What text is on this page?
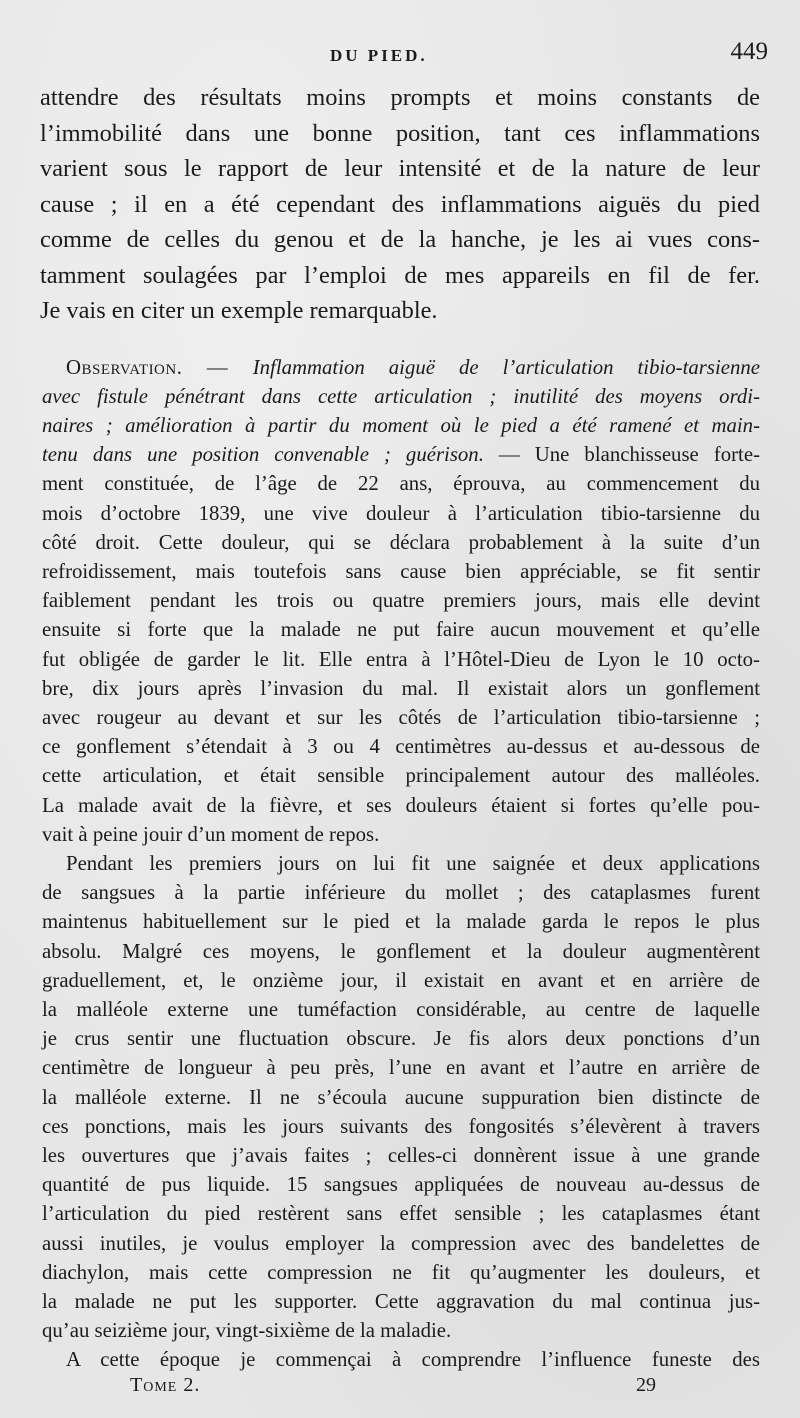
DU PIED.	449

attendre des résultats moins prompts et moins constants de
l’immobilité dans une bonne position, tant ces inflammations
varient sous le rapport de leur intensité et de la nature de leur
cause ; il en a été cependant des inflammations aiguës du pied
comme de celles du genou et de la hanche, je les ai vues cons-
tamment soulagées par l’emploi de mes appareils en fil de fer.
Je vais en citer un exemple remarquable.

Observation. — Inflammation aiguë de l’articulation tibio-tarsienne
avec fistule pénétrant dans cette articulation ; inutilité des moyens ordi-
naires ; amélioration à partir du moment où le pied a été ramené et main-
tenu dans une position convenable ; guérison. — Une blanchisseuse forte-
ment constituée, de l’âge de 22 ans, éprouva, au commencement du
mois d’octobre 1839, une vive douleur à l’articulation tibio-tarsienne du
côté droit. Cette douleur, qui se déclara probablement à la suite d’un
refroidissement, mais toutefois sans cause bien appréciable, se fit sentir
faiblement pendant les trois ou quatre premiers jours, mais elle devint
ensuite si forte que la malade ne put faire aucun mouvement et qu’elle
fut obligée de garder le lit. Elle entra à l’Hôtel-Dieu de Lyon le 10 octo-
bre, dix jours après l’invasion du mal. Il existait alors un gonflement
avec rougeur au devant et sur les côtés de l’articulation tibio-tarsienne ;
ce gonflement s’étendait à 3 ou 4 centimètres au-dessus et au-dessous de
cette articulation, et était sensible principalement autour des malléoles.
La malade avait de la fièvre, et ses douleurs étaient si fortes qu’elle pou-
vait à peine jouir d’un moment de repos.
Pendant les premiers jours on lui fit une saignée et deux applications
de sangsues à la partie inférieure du mollet ; des cataplasmes furent
maintenus habituellement sur le pied et la malade garda le repos le plus
absolu. Malgré ces moyens, le gonflement et la douleur augmentèrent
graduellement, et, le onzième jour, il existait en avant et en arrière de
la malléole externe une tuméfaction considérable, au centre de laquelle
je crus sentir une fluctuation obscure. Je fis alors deux ponctions d’un
centimètre de longueur à peu près, l’une en avant et l’autre en arrière de
la malléole externe. Il ne s’écoula aucune suppuration bien distincte de
ces ponctions, mais les jours suivants des fongosités s’élevèrent à travers
les ouvertures que j’avais faites ; celles-ci donnèrent issue à une grande
quantité de pus liquide. 15 sangsues appliquées de nouveau au-dessus de
l’articulation du pied restèrent sans effet sensible ; les cataplasmes étant
aussi inutiles, je voulus employer la compression avec des bandelettes de
diachylon, mais cette compression ne fit qu’augmenter les douleurs, et
la malade ne put les supporter. Cette aggravation du mal continua jus-
qu’au seizième jour, vingt-sixième de la maladie.
A cette époque je commençai à comprendre l’influence funeste des
Tome 2.	29
